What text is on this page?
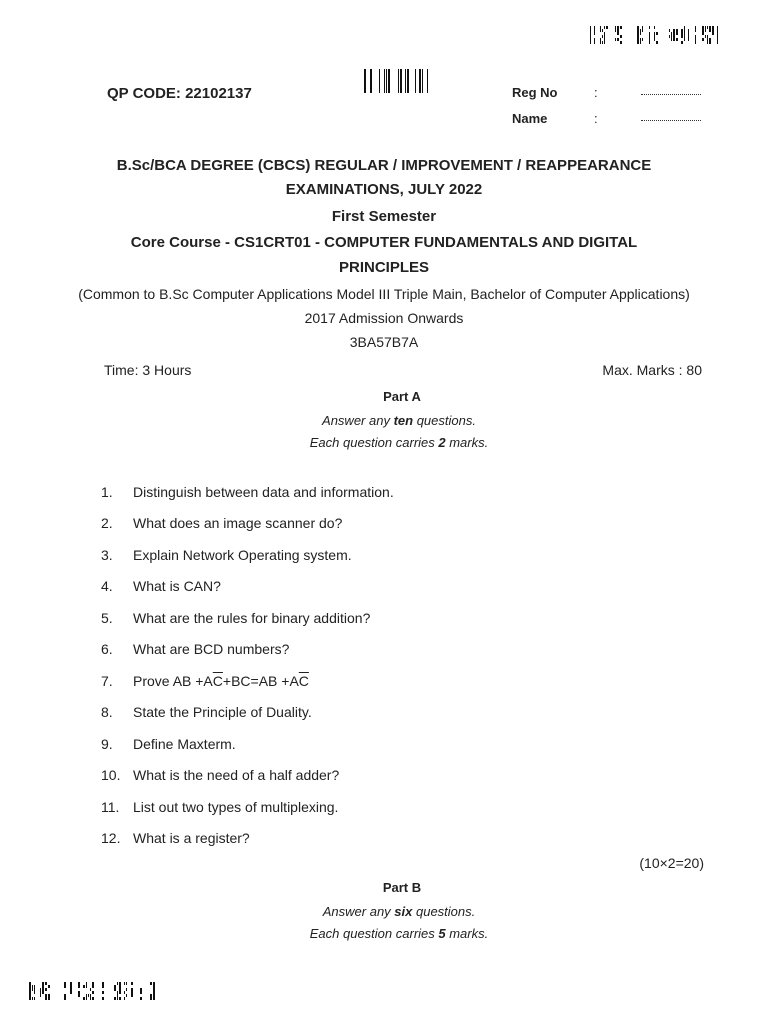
QP CODE: 22102137	Reg No	:
Name	:
B.Sc/BCA DEGREE (CBCS) REGULAR / IMPROVEMENT / REAPPEARANCE
EXAMINATIONS, JULY 2022
First Semester
Core Course - CS1CRT01 - COMPUTER FUNDAMENTALS AND DIGITAL
PRINCIPLES
(Common to B.Sc Computer Applications Model III Triple Main, Bachelor of Computer Applications)
2017 Admission Onwards
3BA57B7A
Time: 3 Hours	Max. Marks : 80
Part A
Answer any ten questions.
Each question carries 2 marks.
1. Distinguish between data and information.
2. What does an image scanner do?
3. Explain Network Operating system.
4. What is CAN?
5. What are the rules for binary addition?
6. What are BCD numbers?
7. Prove AB $+A\overline{C}+BC=AB +A\overline{C}$
8. State the Principle of Duality.
9. Define Maxterm.
10. What is the need of a half adder?
11. List out two types of multiplexing.
12. What is a register?
(10×2=20)
Part B
Answer any six questions.
Each question carries 5 marks.
